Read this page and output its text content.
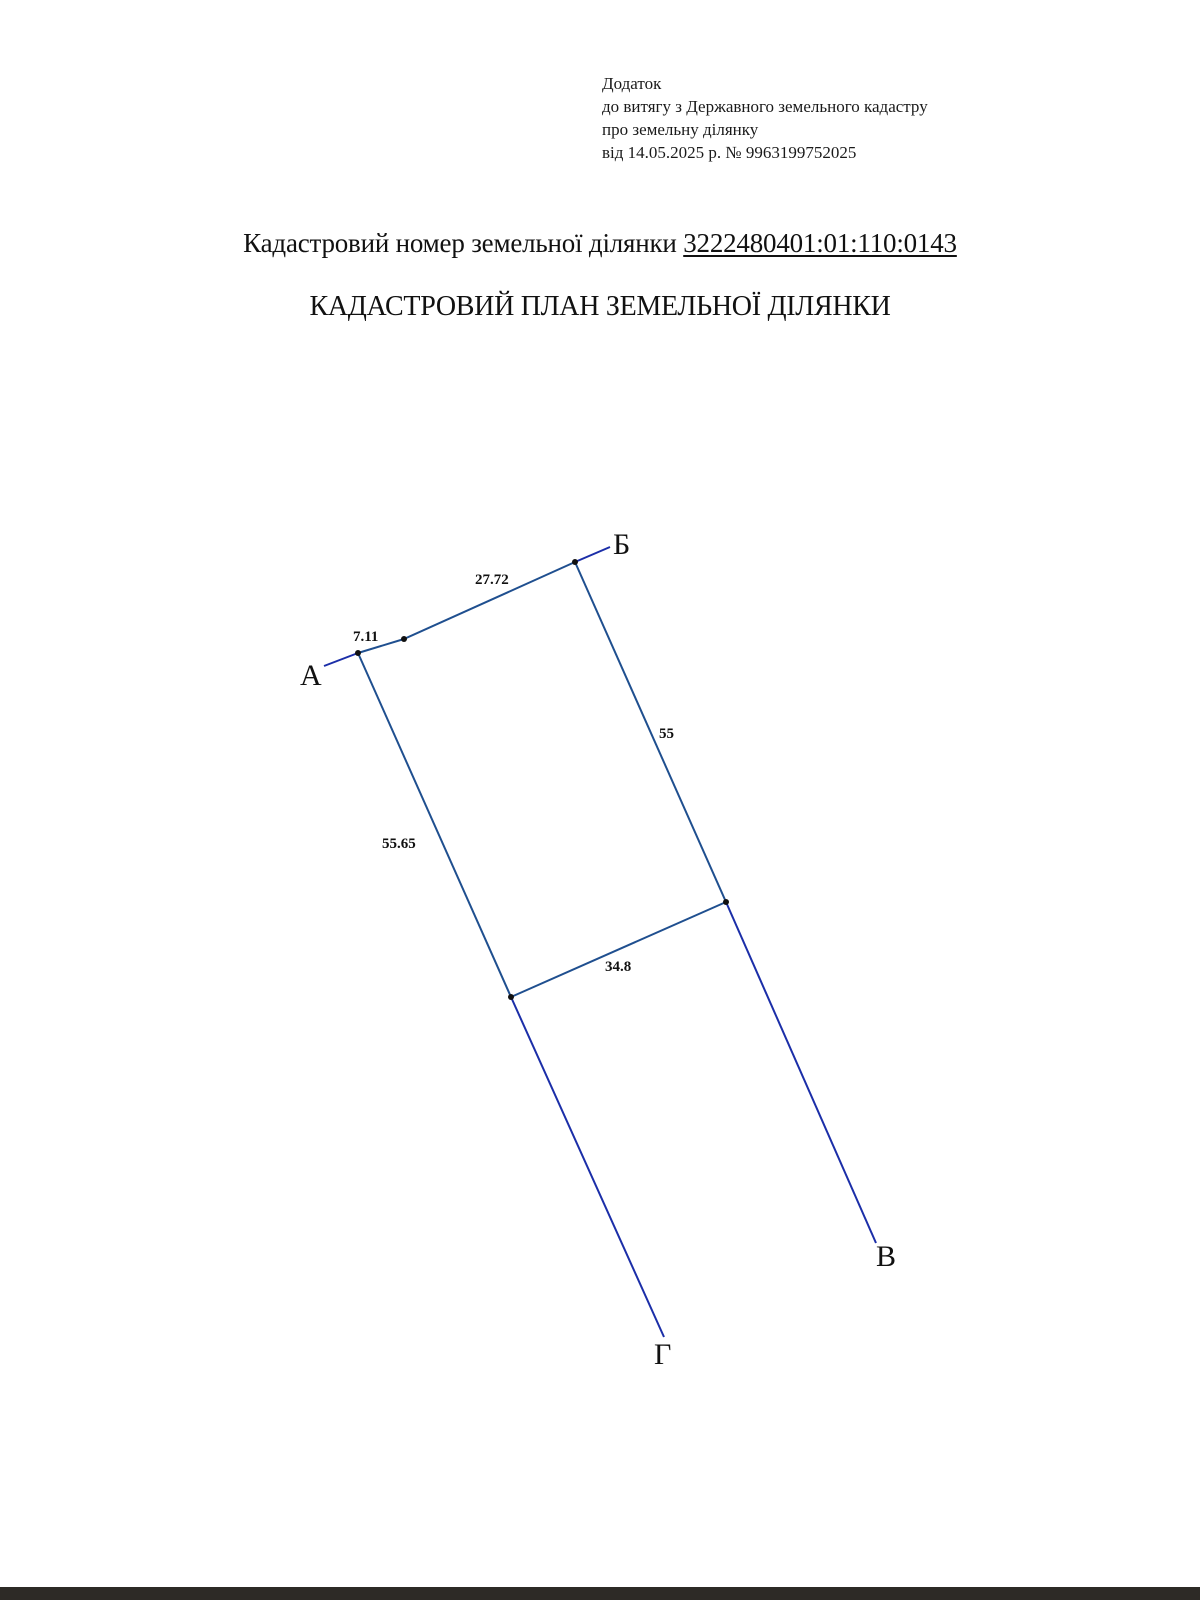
Додаток
до витягу з Державного земельного кадастру
про земельну ділянку
від 14.05.2025 р. № 9963199752025
Кадастровий номер земельної ділянки 3222480401:01:110:0143
КАДАСТРОВИЙ ПЛАН ЗЕМЕЛЬНОЇ ДІЛЯНКИ
7.11
27.72
55
55.65
34.8
А
Б
В
Г
